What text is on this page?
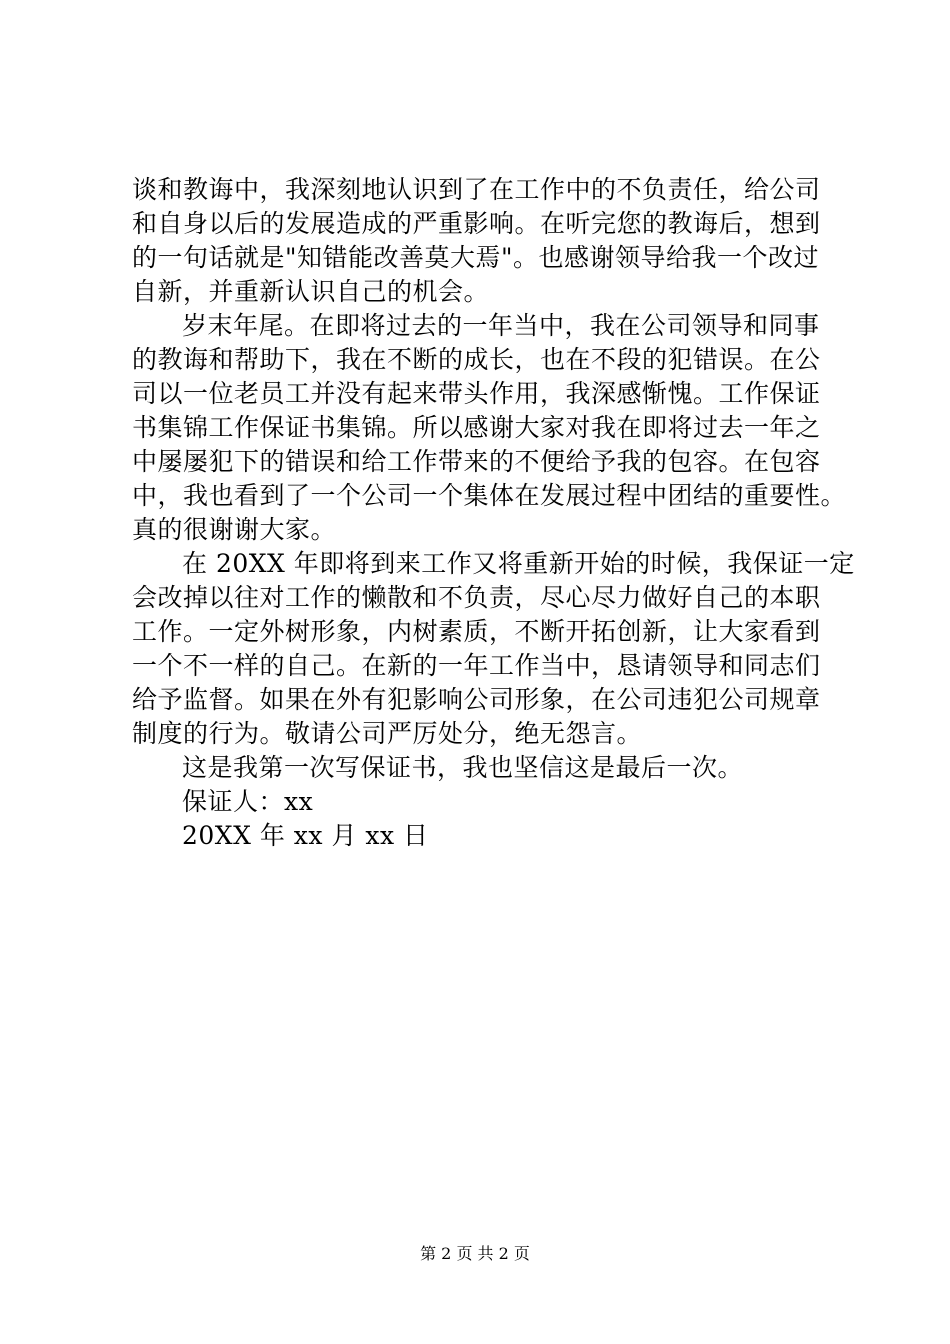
谈和教诲中，我深刻地认识到了在工作中的不负责任，给公司
和自身以后的发展造成的严重影响。在听完您的教诲后，想到
的一句话就是"知错能改善莫大焉"。也感谢领导给我一个改过
自新，并重新认识自己的机会。
岁末年尾。在即将过去的一年当中，我在公司领导和同事
的教诲和帮助下，我在不断的成长，也在不段的犯错误。在公
司以一位老员工并没有起来带头作用，我深感惭愧。工作保证
书集锦工作保证书集锦。所以感谢大家对我在即将过去一年之
中屡屡犯下的错误和给工作带来的不便给予我的包容。在包容
中，我也看到了一个公司一个集体在发展过程中团结的重要性。
真的很谢谢大家。
在 20XX 年即将到来工作又将重新开始的时候，我保证一定
会改掉以往对工作的懒散和不负责，尽心尽力做好自己的本职
工作。一定外树形象，内树素质，不断开拓创新，让大家看到
一个不一样的自己。在新的一年工作当中，恳请领导和同志们
给予监督。如果在外有犯影响公司形象，在公司违犯公司规章
制度的行为。敬请公司严厉处分，绝无怨言。
这是我第一次写保证书，我也坚信这是最后一次。
保证人：xx
20XX 年 xx 月 xx 日
第 2 页 共 2 页
